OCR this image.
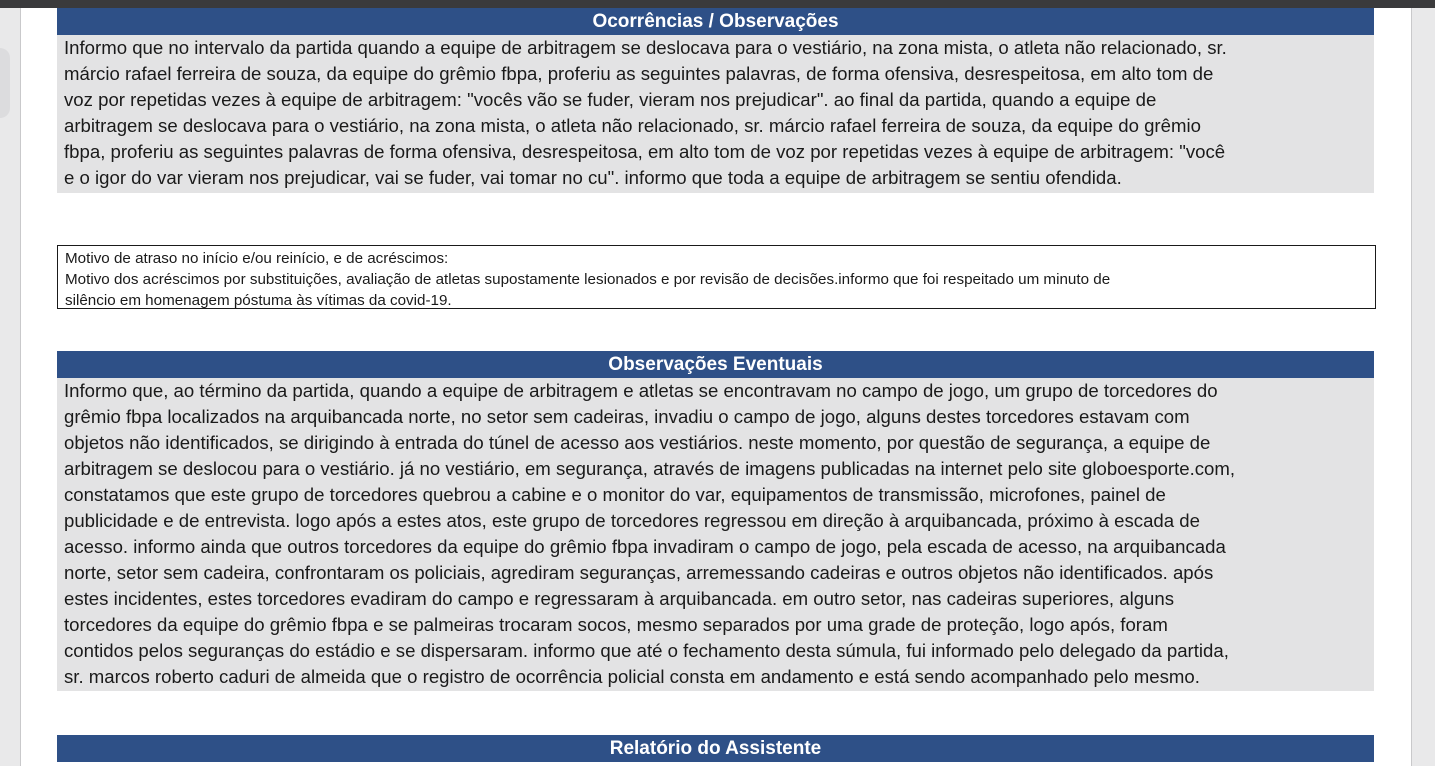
Ocorrências / Observações
Informo que no intervalo da partida quando a equipe de arbitragem se deslocava para o vestiário, na zona mista, o atleta não relacionado, sr.
márcio rafael ferreira de souza, da equipe do grêmio fbpa, proferiu as seguintes palavras, de forma ofensiva, desrespeitosa, em alto tom de
voz por repetidas vezes à equipe de arbitragem: "vocês vão se fuder, vieram nos prejudicar". ao final da partida, quando a equipe de
arbitragem se deslocava para o vestiário, na zona mista, o atleta não relacionado, sr. márcio rafael ferreira de souza, da equipe do grêmio
fbpa, proferiu as seguintes palavras de forma ofensiva, desrespeitosa, em alto tom de voz por repetidas vezes à equipe de arbitragem: "você
e o igor do var vieram nos prejudicar, vai se fuder, vai tomar no cu". informo que toda a equipe de arbitragem se sentiu ofendida.
Motivo de atraso no início e/ou reinício, e de acréscimos:
Motivo dos acréscimos por substituições, avaliação de atletas supostamente lesionados e por revisão de decisões.informo que foi respeitado um minuto de
silêncio em homenagem póstuma às vítimas da covid-19.
Observações Eventuais
Informo que, ao término da partida, quando a equipe de arbitragem e atletas se encontravam no campo de jogo, um grupo de torcedores do
grêmio fbpa localizados na arquibancada norte, no setor sem cadeiras, invadiu o campo de jogo, alguns destes torcedores estavam com
objetos não identificados, se dirigindo à entrada do túnel de acesso aos vestiários. neste momento, por questão de segurança, a equipe de
arbitragem se deslocou para o vestiário. já no vestiário, em segurança, através de imagens publicadas na internet pelo site globoesporte.com,
constatamos que este grupo de torcedores quebrou a cabine e o monitor do var, equipamentos de transmissão, microfones, painel de
publicidade e de entrevista. logo após a estes atos, este grupo de torcedores regressou em direção à arquibancada, próximo à escada de
acesso. informo ainda que outros torcedores da equipe do grêmio fbpa invadiram o campo de jogo, pela escada de acesso, na arquibancada
norte, setor sem cadeira, confrontaram os policiais, agrediram seguranças, arremessando cadeiras e outros objetos não identificados. após
estes incidentes, estes torcedores evadiram do campo e regressaram à arquibancada. em outro setor, nas cadeiras superiores, alguns
torcedores da equipe do grêmio fbpa e se palmeiras trocaram socos, mesmo separados por uma grade de proteção, logo após, foram
contidos pelos seguranças do estádio e se dispersaram. informo que até o fechamento desta súmula, fui informado pelo delegado da partida,
sr. marcos roberto caduri de almeida que o registro de ocorrência policial consta em andamento e está sendo acompanhado pelo mesmo.
Relatório do Assistente
